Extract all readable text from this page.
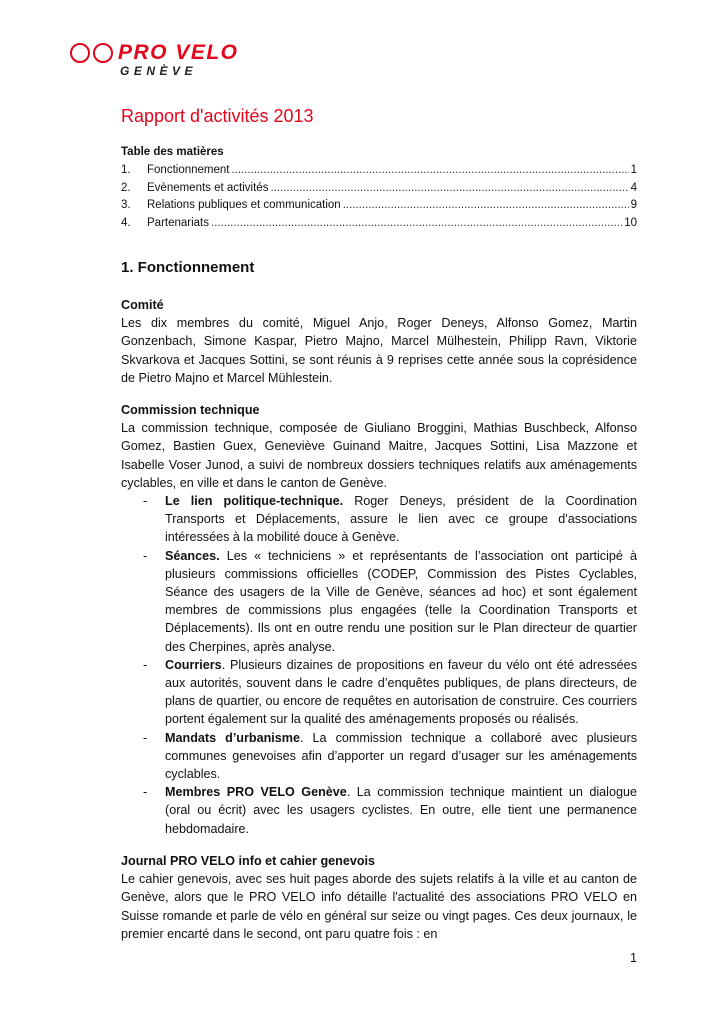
PRO VELO
GENÈVE
Rapport d'activités 2013
Table des matières
1.	Fonctionnement .....	1
2.	Evènements et activités .....	4
3.	Relations publiques et communication .....	9
4.	Partenariats .....	10
1. Fonctionnement
Comité

Les dix membres du comité, Miguel Anjo, Roger Deneys, Alfonso Gomez, Martin Gonzenbach, Simone Kaspar, Pietro Majno, Marcel Mülhestein, Philipp Ravn, Viktorie Skvarkova et Jacques Sottini, se sont réunis à 9 reprises cette année sous la coprésidence de Pietro Majno et Marcel Mühlestein.

Commission technique

La commission technique, composée de Giuliano Broggini, Mathias Buschbeck, Alfonso Gomez, Bastien Guex, Geneviève Guinand Maitre, Jacques Sottini, Lisa Mazzone et Isabelle Voser Junod, a suivi de nombreux dossiers techniques relatifs aux aménagements cyclables, en ville et dans le canton de Genève.

- Le lien politique-technique. Roger Deneys, président de la Coordination Transports et Déplacements, assure le lien avec ce groupe d'associations intéressées à la mobilité douce à Genève.
- Séances. Les « techniciens » et représentants de l’association ont participé à plusieurs commissions officielles (CODEP, Commission des Pistes Cyclables, Séance des usagers de la Ville de Genève, séances ad hoc) et sont également membres de commissions plus engagées (telle la Coordination Transports et Déplacements). Ils ont en outre rendu une position sur le Plan directeur de quartier des Cherpines, après analyse.
- Courriers. Plusieurs dizaines de propositions en faveur du vélo ont été adressées aux autorités, souvent dans le cadre d’enquêtes publiques, de plans directeurs, de plans de quartier, ou encore de requêtes en autorisation de construire. Ces courriers portent également sur la qualité des aménagements proposés ou réalisés.
- Mandats d’urbanisme. La commission technique a collaboré avec plusieurs communes genevoises afin d’apporter un regard d’usager sur les aménagements cyclables.
- Membres PRO VELO Genève. La commission technique maintient un dialogue (oral ou écrit) avec les usagers cyclistes. En outre, elle tient une permanence hebdomadaire.
Journal PRO VELO info et cahier genevois

Le cahier genevois, avec ses huit pages aborde des sujets relatifs à la ville et au canton de Genève, alors que le PRO VELO info détaille l'actualité des associations PRO VELO en Suisse romande et parle de vélo en général sur seize ou vingt pages. Ces deux journaux, le premier encarté dans le second, ont paru quatre fois : en

1
